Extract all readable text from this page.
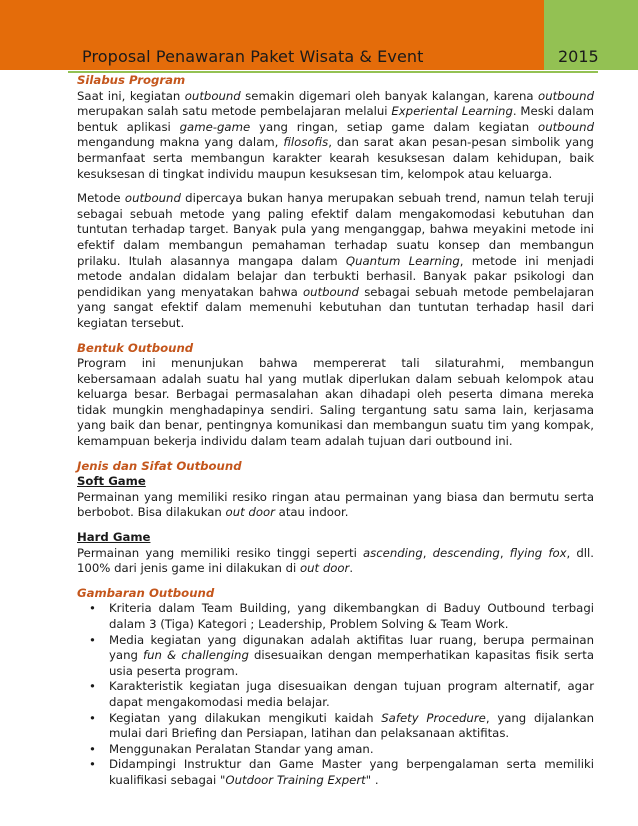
Proposal Penawaran Paket Wisata & Event	2015
Silabus Program

Saat ini, kegiatan outbound semakin digemari oleh banyak kalangan, karena outbound merupakan salah satu metode pembelajaran melalui Experiental Learning. Meski dalam bentuk aplikasi game-game yang ringan, setiap game dalam kegiatan outbound mengandung makna yang dalam, filosofis, dan sarat akan pesan-pesan simbolik yang bermanfaat serta membangun karakter kearah kesuksesan dalam kehidupan, baik kesuksesan di tingkat individu maupun kesuksesan tim, kelompok atau keluarga.

Metode outbound dipercaya bukan hanya merupakan sebuah trend, namun telah teruji sebagai sebuah metode yang paling efektif dalam mengakomodasi kebutuhan dan tuntutan terhadap target. Banyak pula yang menganggap, bahwa meyakini metode ini efektif dalam membangun pemahaman terhadap suatu konsep dan membangun prilaku. Itulah alasannya mangapa dalam Quantum Learning, metode ini menjadi metode andalan didalam belajar dan terbukti berhasil. Banyak pakar psikologi dan pendidikan yang menyatakan bahwa outbound sebagai sebuah metode pembelajaran yang sangat efektif dalam memenuhi kebutuhan dan tuntutan terhadap hasil dari kegiatan tersebut.

Bentuk Outbound

Program ini menunjukan bahwa mempererat tali silaturahmi, membangun kebersamaan adalah suatu hal yang mutlak diperlukan dalam sebuah kelompok atau keluarga besar. Berbagai permasalahan akan dihadapi oleh peserta dimana mereka tidak mungkin menghadapinya sendiri. Saling tergantung satu sama lain, kerjasama yang baik dan benar, pentingnya komunikasi dan membangun suatu tim yang kompak, kemampuan bekerja individu dalam team adalah tujuan dari outbound ini.

Jenis dan Sifat Outbound
Soft Game

Permainan yang memiliki resiko ringan atau permainan yang biasa dan bermutu serta berbobot. Bisa dilakukan out door atau indoor.

Hard Game

Permainan yang memiliki resiko tinggi seperti ascending, descending, flying fox, dll. 100% dari jenis game ini dilakukan di out door.

Gambaran Outbound
• Kriteria dalam Team Building, yang dikembangkan di Baduy Outbound terbagi dalam 3 (Tiga) Kategori ; Leadership, Problem Solving & Team Work.
• Media kegiatan yang digunakan adalah aktifitas luar ruang, berupa permainan yang fun & challenging disesuaikan dengan memperhatikan kapasitas fisik serta usia peserta program.
• Karakteristik kegiatan juga disesuaikan dengan tujuan program alternatif, agar dapat mengakomodasi media belajar.
• Kegiatan yang dilakukan mengikuti kaidah Safety Procedure, yang dijalankan mulai dari Briefing dan Persiapan, latihan dan pelaksanaan aktifitas.
• Menggunakan Peralatan Standar yang aman.
• Didampingi Instruktur dan Game Master yang berpengalaman serta memiliki kualifikasi sebagai "Outdoor Training Expert" .
